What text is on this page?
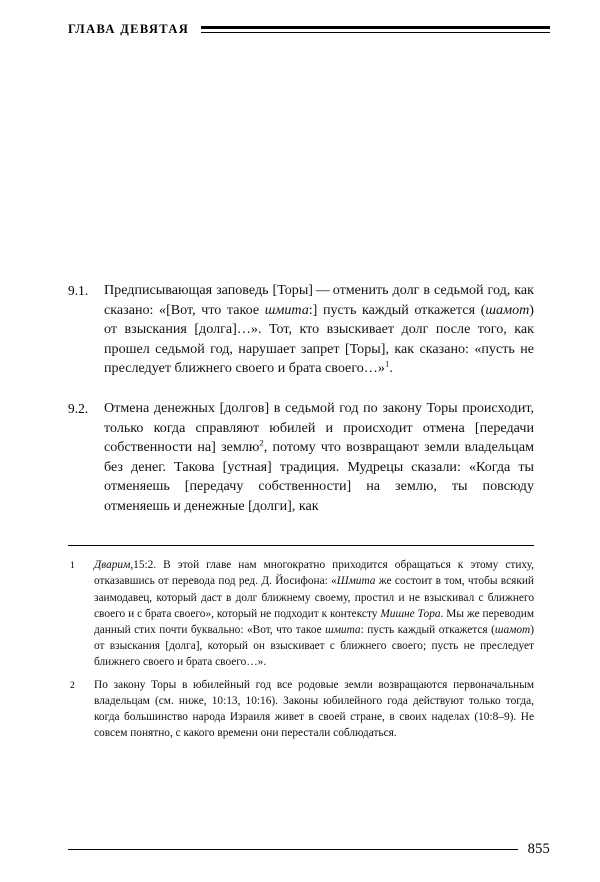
ГЛАВА ДЕВЯТАЯ
9.1.	Предписывающая заповедь [Торы] — отменить долг в седьмой год, как сказано: «[Вот, что такое шмита:] пусть каждый откажется (шамот) от взыскания [долга]…». Тот, кто взыскивает долг после того, как прошел седьмой год, нарушает запрет [Торы], как сказано: «пусть не преследует ближнего своего и брата своего…»$^1$.
9.2.	Отмена денежных [долгов] в седьмой год по закону Торы происходит, только когда справляют юбилей и происходит отмена [передачи собственности на] землю$^2$, потому что возвращают земли владельцам без денег. Такова [устная] традиция. Мудрецы сказали: «Когда ты отменяешь [передачу собственности] на землю, ты повсюду отменяешь и денежные [долги], как
1	Дварим,15:2. В этой главе нам многократно приходится обращаться к этому стиху, отказавшись от перевода под ред. Д. Йосифона: «Шмита же состоит в том, чтобы всякий заимодавец, который даст в долг ближнему своему, простил и не взыскивал с ближнего своего и с брата своего», который не подходит к контексту Мишне Тора. Мы же переводим данный стих почти буквально: «Вот, что такое шмита: пусть каждый откажется (шамот) от взыскания [долга], который он взыскивает с ближнего своего; пусть не преследует ближнего своего и брата своего…».
2	По закону Торы в юбилейный год все родовые земли возвращаются первоначальным владельцам (см. ниже, 10:13, 10:16). Законы юбилейного года действуют только тогда, когда большинство народа Израиля живет в своей стране, в своих наделах (10:8–9). Не совсем понятно, с какого времени они перестали соблюдаться.
855
